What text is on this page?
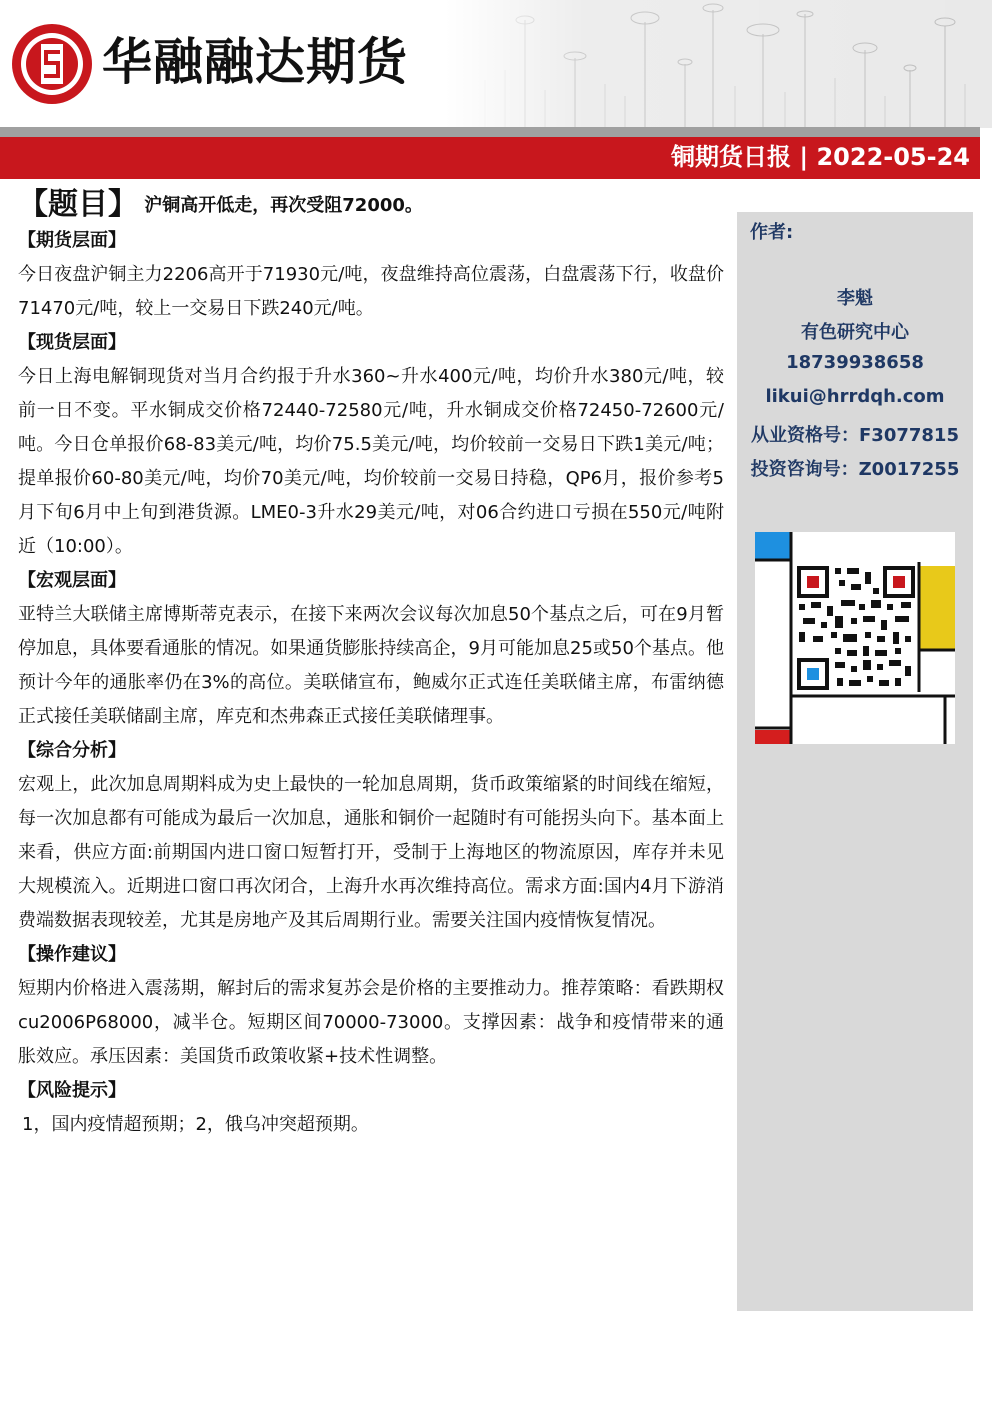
华融融达期货
铜期货日报 | 2022-05-24
【题目】 沪铜高开低走，再次受阻72000。
【期货层面】

今日夜盘沪铜主力2206高开于71930元/吨，夜盘维持高位震荡，白盘震荡下行，收盘价71470元/吨，较上一交易日下跌240元/吨。

【现货层面】

今日上海电解铜现货对当月合约报于升水360~升水400元/吨，均价升水380元/吨，较前一日不变。平水铜成交价格72440-72580元/吨，升水铜成交价格72450-72600元/吨。今日仓单报价68-83美元/吨，均价75.5美元/吨，均价较前一交易日下跌1美元/吨；提单报价60-80美元/吨，均价70美元/吨，均价较前一交易日持稳，QP6月，报价参考5月下旬6月中上旬到港货源。LME0-3升水29美元/吨，对06合约进口亏损在550元/吨附近（10:00）。

【宏观层面】

亚特兰大联储主席博斯蒂克表示，在接下来两次会议每次加息50个基点之后，可在9月暂停加息，具体要看通胀的情况。如果通货膨胀持续高企，9月可能加息25或50个基点。他预计今年的通胀率仍在3%的高位。美联储宣布，鲍威尔正式连任美联储主席，布雷纳德正式接任美联储副主席，库克和杰弗森正式接任美联储理事。

【综合分析】

宏观上，此次加息周期料成为史上最快的一轮加息周期，货币政策缩紧的时间线在缩短，每一次加息都有可能成为最后一次加息，通胀和铜价一起随时有可能拐头向下。基本面上来看，供应方面:前期国内进口窗口短暂打开，受制于上海地区的物流原因，库存并未见大规模流入。近期进口窗口再次闭合，上海升水再次维持高位。需求方面:国内4月下游消费端数据表现较差，尤其是房地产及其后周期行业。需要关注国内疫情恢复情况。

【操作建议】

短期内价格进入震荡期，解封后的需求复苏会是价格的主要推动力。推荐策略：看跌期权cu2006P68000，减半仓。短期区间70000-73000。支撑因素：战争和疫情带来的通胀效应。承压因素：美国货币政策收紧+技术性调整。

【风险提示】

1，国内疫情超预期；2，俄乌冲突超预期。

作者:
李魁
有色研究中心
18739938658
likui@hrrdqh.com
从业资格号：F3077815
投资咨询号：Z0017255
